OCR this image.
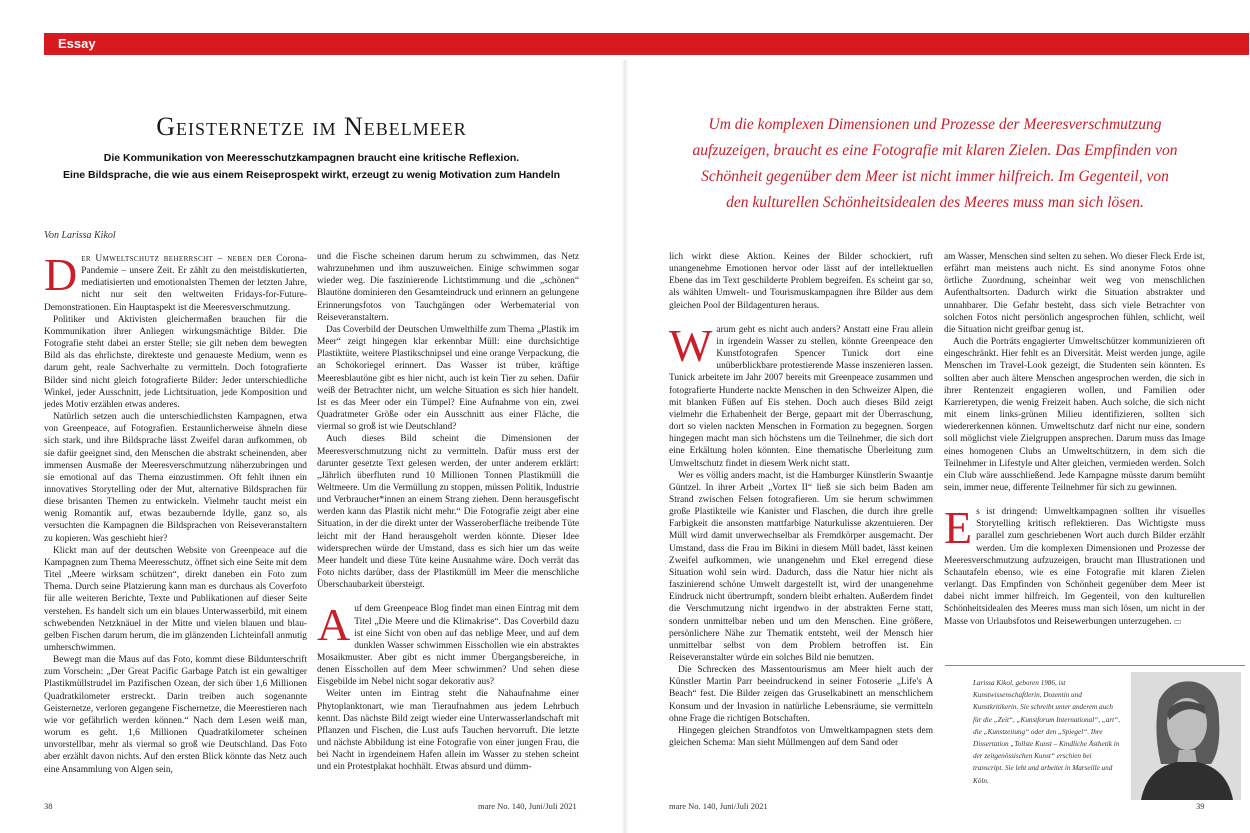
Essay
Geisternetze im Nebelmeer
Die Kommunikation von Meeresschutzkampagnen braucht eine kritische Reflexion.
Eine Bildsprache, die wie aus einem Reiseprospekt wirkt, erzeugt zu wenig Motivation zum Handeln
Um die komplexen Dimensionen und Prozesse der Meeresverschmutzung aufzuzeigen, braucht es eine Fotografie mit klaren Zielen. Das Empfinden von Schönheit gegenüber dem Meer ist nicht immer hilfreich. Im Gegenteil, von den kulturellen Schönheitsidealen des Meeres muss man sich lösen.
Von Larissa Kikol

Der Umweltschutz beherrscht – neben der Corona-Pandemie – unsere Zeit. Er zählt zu den meistdiskutierten, mediatisierten und emotionalsten Themen der letzten Jahre, nicht nur seit den weltweiten Fridays-for-Future-Demonstrationen. Ein Hauptaspekt ist die Meeresverschmutzung.

Politiker und Aktivisten gleichermaßen brauchen für die Kommunikation ihrer Anliegen wirkungsmächtige Bilder. Die Fotografie steht dabei an erster Stelle; sie gilt neben dem bewegten Bild als das ehrlichste, direkteste und genaueste Medium, wenn es darum geht, reale Sachverhalte zu vermitteln. Doch fotografierte Bilder sind nicht gleich fotografierte Bilder: Jeder unterschiedliche Winkel, jeder Ausschnitt, jede Lichtsituation, jede Komposition und jedes Motiv erzählen etwas anderes.

Natürlich setzen auch die unterschiedlichsten Kampagnen, etwa von Greenpeace, auf Fotografien. Erstaunlicherweise ähneln diese sich stark, und ihre Bildsprache lässt Zweifel daran aufkommen, ob sie dafür geeignet sind, den Menschen die abstrakt scheinenden, aber immensen Ausmaße der Meeresverschmutzung näherzubringen und sie emotional auf das Thema einzustimmen. Oft fehlt ihnen ein innovatives Storytelling oder der Mut, alternative Bildsprachen für diese brisanten Themen zu entwickeln. Vielmehr taucht meist ein wenig Romantik auf, etwas bezaubernde Idylle, ganz so, als versuchten die Kampagnen die Bildsprachen von Reiseveranstaltern zu kopieren. Was geschieht hier?

Klickt man auf der deutschen Website von Greenpeace auf die Kampagnen zum Thema Meeresschutz, öffnet sich eine Seite mit dem Titel „Meere wirksam schützen“, direkt daneben ein Foto zum Thema. Durch seine Platzierung kann man es durchaus als Coverfoto für alle weiteren Berichte, Texte und Publikationen auf dieser Seite verstehen. Es handelt sich um ein blaues Unterwasserbild, mit einem schwebenden Netzknäuel in der Mitte und vielen blauen und blau-gelben Fischen darum herum, die im glänzenden Lichteinfall anmutig umherschwimmen.

Bewegt man die Maus auf das Foto, kommt diese Bildunterschrift zum Vorschein: „Der Great Pacific Garbage Patch ist ein gewaltiger Plastikmüllstrudel im Pazifischen Ozean, der sich über 1,6 Millionen Quadratkilometer erstreckt. Darin treiben auch sogenannte Geisternetze, verloren gegangene Fischernetze, die Meerestieren nach wie vor gefährlich werden können.“ Nach dem Lesen weiß man, worum es geht. 1,6 Millionen Quadratkilometer scheinen unvorstellbar, mehr als viermal so groß wie Deutschland. Das Foto aber erzählt davon nichts. Auf den ersten Blick könnte das Netz auch eine Ansammlung von Algen sein,

und die Fische scheinen darum herum zu schwimmen, das Netz wahrzunehmen und ihm auszuweichen. Einige schwimmen sogar wieder weg. Die faszinierende Lichtstimmung und die „schönen“ Blautöne dominieren den Gesamteindruck und erinnern an gelungene Erinnerungsfotos von Tauchgängen oder Werbematerial von Reiseveranstaltern.

Das Coverbild der Deutschen Umwelthilfe zum Thema „Plastik im Meer“ zeigt hingegen klar erkennbar Müll: eine durchsichtige Plastiktüte, weitere Plastikschnipsel und eine orange Verpackung, die an Schokoriegel erinnert. Das Wasser ist trüber, kräftige Meeresblautöne gibt es hier nicht, auch ist kein Tier zu sehen. Dafür weiß der Betrachter nicht, um welche Situation es sich hier handelt. Ist es das Meer oder ein Tümpel? Eine Aufnahme von ein, zwei Quadratmeter Größe oder ein Ausschnitt aus einer Fläche, die viermal so groß ist wie Deutschland?

Auch dieses Bild scheint die Dimensionen der Meeresverschmutzung nicht zu vermitteln. Dafür muss erst der darunter gesetzte Text gelesen werden, der unter anderem erklärt: „Jährlich überfluten rund 10 Millionen Tonnen Plastikmüll die Weltmeere. Um die Vermüllung zu stoppen, müssen Politik, Industrie und Verbraucher*innen an einem Strang ziehen. Denn herausgefischt werden kann das Plastik nicht mehr.“ Die Fotografie zeigt aber eine Situation, in der die direkt unter der Wasseroberfläche treibende Tüte leicht mit der Hand herausgeholt werden könnte. Dieser Idee widersprechen würde der Umstand, dass es sich hier um das weite Meer handelt und diese Tüte keine Ausnahme wäre. Doch verrät das Foto nichts darüber, dass der Plastikmüll im Meer die menschliche Überschaubarkeit übersteigt.

Auf dem Greenpeace Blog findet man einen Eintrag mit dem Titel „Die Meere und die Klimakrise“. Das Coverbild dazu ist eine Sicht von oben auf das neblige Meer, und auf dem dunklen Wasser schwimmen Eisschollen wie ein abstraktes Mosaikmuster. Aber gibt es nicht immer Übergangsbereiche, in denen Eisschollen auf dem Meer schwimmen? Und sehen diese Eisgebilde im Nebel nicht sogar dekorativ aus?

Weiter unten im Eintrag steht die Nahaufnahme einer Phytoplanktonart, wie man Tieraufnahmen aus jedem Lehrbuch kennt. Das nächste Bild zeigt wieder eine Unterwasserlandschaft mit Pflanzen und Fischen, die Lust aufs Tauchen hervorruft. Die letzte und nächste Abbildung ist eine Fotografie von einer jungen Frau, die bei Nacht in irgendeinem Hafen allein im Wasser zu stehen scheint und ein Protestplakat hochhält. Etwas absurd und dümm-

lich wirkt diese Aktion. Keines der Bilder schockiert, ruft unangenehme Emotionen hervor oder lässt auf der intellektuellen Ebene das im Text geschilderte Problem begreifen. Es scheint gar so, als wählten Umwelt- und Tourismuskampagnen ihre Bilder aus dem gleichen Pool der Bildagenturen heraus.

Warum geht es nicht auch anders? Anstatt eine Frau allein in irgendein Wasser zu stellen, könnte Greenpeace den Kunstfotografen Spencer Tunick dort eine unüberblickbare protestierende Masse inszenieren lassen. Tunick arbeitete im Jahr 2007 bereits mit Greenpeace zusammen und fotografierte Hunderte nackte Menschen in den Schweizer Alpen, die mit blanken Füßen auf Eis stehen. Doch auch dieses Bild zeigt vielmehr die Erhabenheit der Berge, gepaart mit der Überraschung, dort so vielen nackten Menschen in Formation zu begegnen. Sorgen hingegen macht man sich höchstens um die Teilnehmer, die sich dort eine Erkältung holen könnten. Eine thematische Überleitung zum Umweltschutz findet in diesem Werk nicht statt.

Wer es völlig anders macht, ist die Hamburger Künstlerin Swaantje Güntzel. In ihrer Arbeit „Vortex II“ ließ sie sich beim Baden am Strand zwischen Felsen fotografieren. Um sie herum schwimmen große Plastikteile wie Kanister und Flaschen, die durch ihre grelle Farbigkeit die ansonsten mattfarbige Naturkulisse akzentuieren. Der Müll wird damit unverwechselbar als Fremdkörper ausgemacht. Der Umstand, dass die Frau im Bikini in diesem Müll badet, lässt keinen Zweifel aufkommen, wie unangenehm und Ekel erregend diese Situation wohl sein wird. Dadurch, dass die Natur hier nicht als faszinierend schöne Umwelt dargestellt ist, wird der unangenehme Eindruck nicht übertrumpft, sondern bleibt erhalten. Außerdem findet die Verschmutzung nicht irgendwo in der abstrakten Ferne statt, sondern unmittelbar neben und um den Menschen. Eine größere, persönlichere Nähe zur Thematik entsteht, weil der Mensch hier unmittelbar selbst von dem Problem betroffen ist. Ein Reiseveranstalter würde ein solches Bild nie benutzen.

Die Schrecken des Massentourismus am Meer hielt auch der Künstler Martin Parr beeindruckend in seiner Fotoserie „Life's A Beach“ fest. Die Bilder zeigen das Gruselkabinett an menschlichem Konsum und der Invasion in natürliche Lebensräume, sie vermitteln ohne Frage die richtigen Botschaften.

Hingegen gleichen Strandfotos von Umweltkampagnen stets dem gleichen Schema: Man sieht Müllmengen auf dem Sand oder

am Wasser, Menschen sind selten zu sehen. Wo dieser Fleck Erde ist, erfährt man meistens auch nicht. Es sind anonyme Fotos ohne örtliche Zuordnung, scheinbar weit weg von menschlichen Aufenthaltsorten. Dadurch wirkt die Situation abstrakter und unnahbarer. Die Gefahr besteht, dass sich viele Betrachter von solchen Fotos nicht persönlich angesprochen fühlen, schlicht, weil die Situation nicht greifbar genug ist.

Auch die Porträts engagierter Umweltschützer kommunizieren oft eingeschränkt. Hier fehlt es an Diversität. Meist werden junge, agile Menschen im Travel-Look gezeigt, die Studenten sein könnten. Es sollten aber auch ältere Menschen angesprochen werden, die sich in ihrer Rentenzeit engagieren wollen, und Familien oder Karrieretypen, die wenig Freizeit haben. Auch solche, die sich nicht mit einem links-grünen Milieu identifizieren, sollten sich wiedererkennen können. Umweltschutz darf nicht nur eine, sondern soll möglichst viele Zielgruppen ansprechen. Darum muss das Image eines homogenen Clubs an Umweltschützern, in dem sich die Teilnehmer in Lifestyle und Alter gleichen, vermieden werden. Solch ein Club wäre ausschließend. Jede Kampagne müsste darum bemüht sein, immer neue, differente Teilnehmer für sich zu gewinnen.

Es ist dringend: Umweltkampagnen sollten ihr visuelles Storytelling kritisch reflektieren. Das Wichtigste muss parallel zum geschriebenen Wort auch durch Bilder erzählt werden. Um die komplexen Dimensionen und Prozesse der Meeresverschmutzung aufzuzeigen, braucht man Illustrationen und Schautafeln ebenso, wie es eine Fotografie mit klaren Zielen verlangt. Das Empfinden von Schönheit gegenüber dem Meer ist dabei nicht immer hilfreich. Im Gegenteil, von den kulturellen Schönheitsidealen des Meeres muss man sich lösen, um nicht in der Masse von Urlaubsfotos und Reisewerbungen unterzugehen. ▭

Larissa Kikol, geboren 1986, ist Kunstwissenschaftlerin, Dozentin und Kunstkritikerin. Sie schreibt unter anderem auch für die „Zeit“, „Kunstforum International“, „art“, die „Kunstzeitung“ oder den „Spiegel“. Ihre Dissertation „Tollste Kunst – Kindliche Ästhetik in der zeitgenössischen Kunst“ erschien bei transcript. Sie lebt und arbeitet in Marseille und Köln.
38	mare No. 140, Juni/Juli 2021	mare No. 140, Juni/Juli 2021	39
